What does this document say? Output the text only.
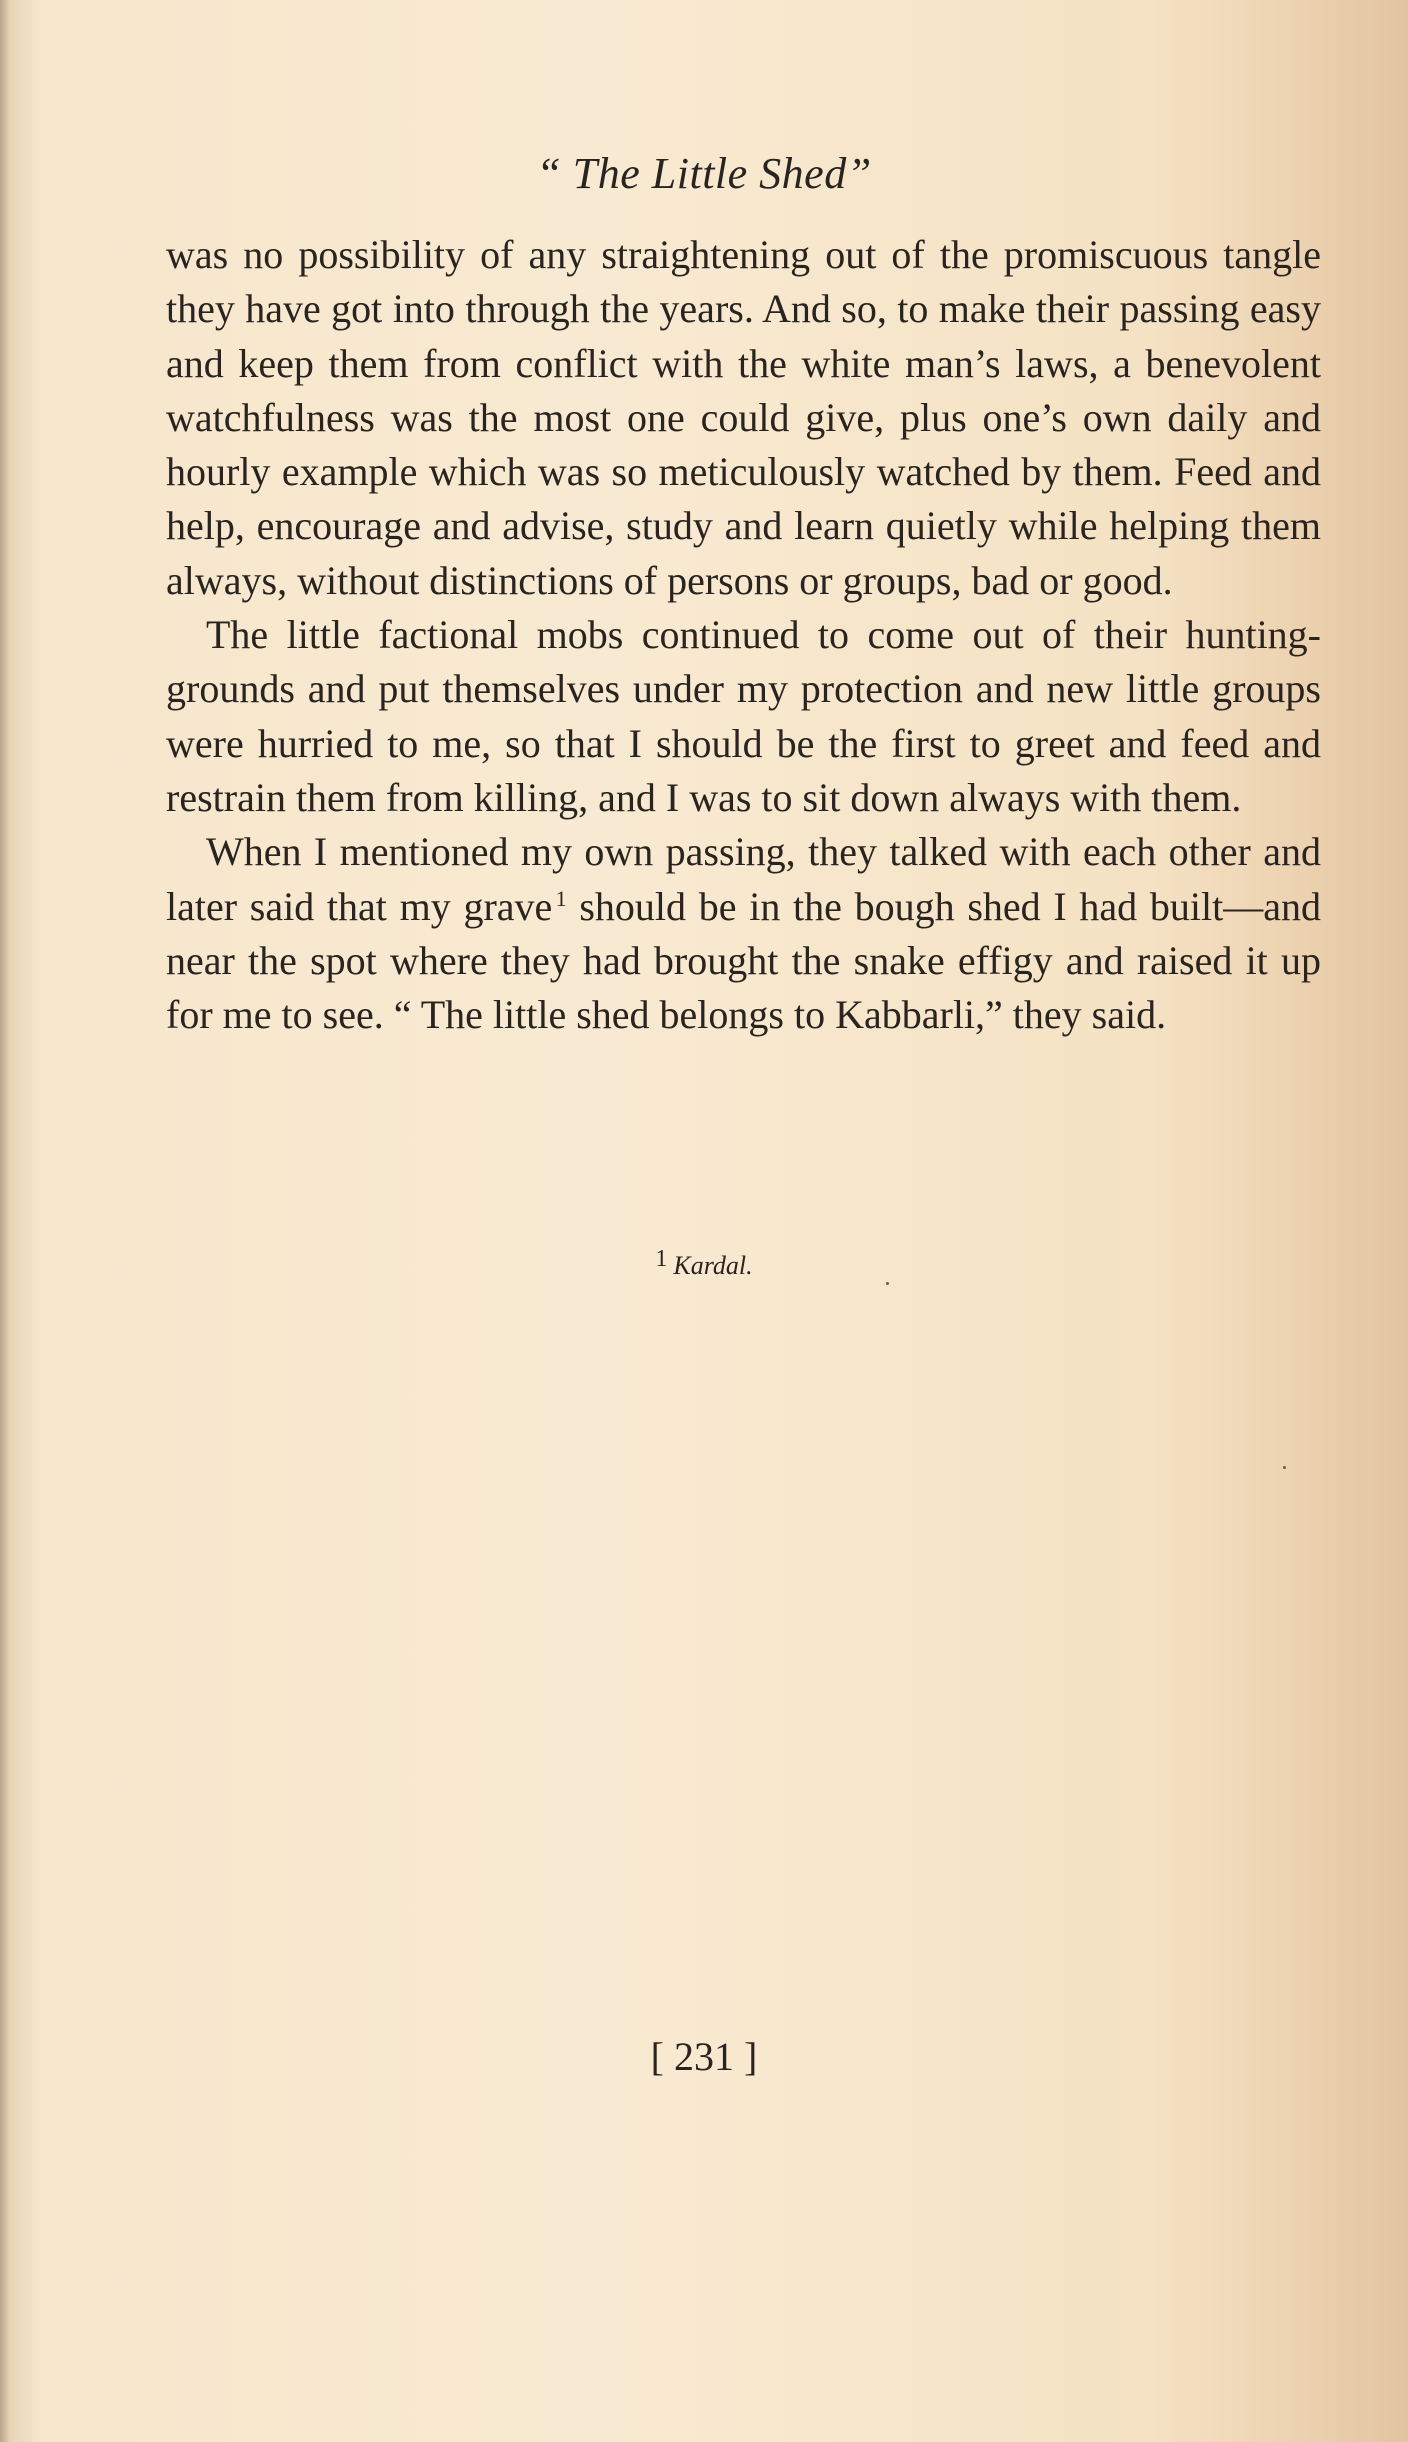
“ The Little Shed”

was no possibility of any straightening out of the promiscuous tangle they have got into through the years. And so, to make their passing easy and keep them from conflict with the white man’s laws, a benevolent watchfulness was the most one could give, plus one’s own daily and hourly example which was so meticulously watched by them. Feed and help, encourage and advise, study and learn quietly while helping them always, without distinctions of persons or groups, bad or good.

The little factional mobs continued to come out of their hunting-grounds and put themselves under my protection and new little groups were hurried to me, so that I should be the first to greet and feed and restrain them from killing, and I was to sit down always with them.

When I mentioned my own passing, they talked with each other and later said that my grave  $^1$ should be in the bough shed I had built—and near the spot where they had brought the snake effigy and raised it up for me to see. “ The little shed belongs to Kabbarli,” they said.

1 Kardal.
[ 231 ]
